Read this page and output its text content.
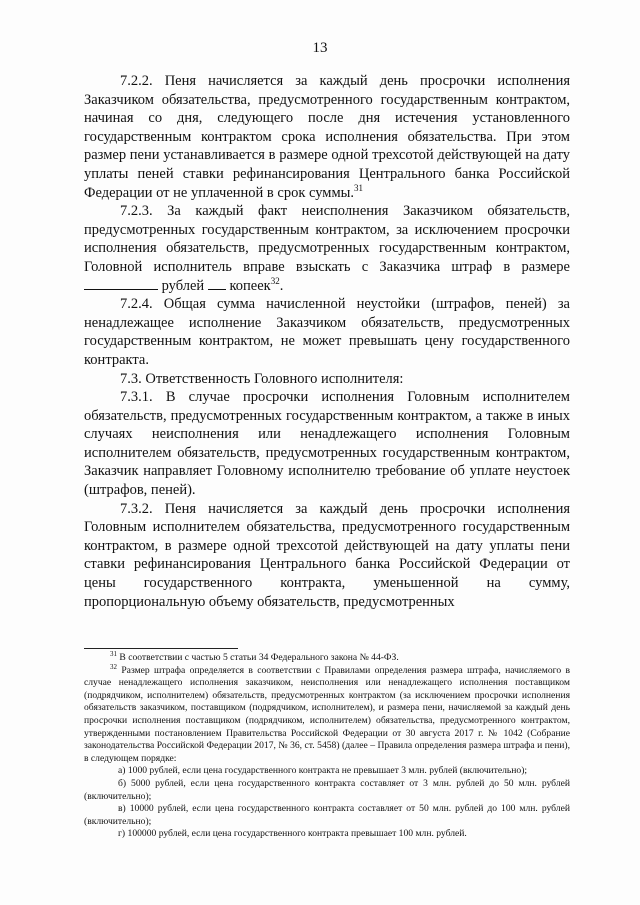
13

7.2.2. Пеня начисляется за каждый день просрочки исполнения Заказчиком обязательства, предусмотренного государственным контрактом, начиная со дня, следующего после дня истечения установленного государственным контрактом срока исполнения обязательства. При этом размер пени устанавливается в размере одной трехсотой действующей на дату уплаты пеней ставки рефинансирования Центрального банка Российской Федерации от не уплаченной в срок суммы.$^{31}$

7.2.3. За каждый факт неисполнения Заказчиком обязательств, предусмотренных государственным контрактом, за исключением просрочки исполнения обязательств, предусмотренных государственным контрактом, Головной исполнитель вправе взыскать с Заказчика штраф в размере  рублей копеек$^{32}$.

7.2.4. Общая сумма начисленной неустойки (штрафов, пеней) за ненадлежащее исполнение Заказчиком обязательств, предусмотренных государственным контрактом, не может превышать цену государственного контракта.

7.3. Ответственность Головного исполнителя:

7.3.1. В случае просрочки исполнения Головным исполнителем обязательств, предусмотренных государственным контрактом, а также в иных случаях неисполнения или ненадлежащего исполнения Головным исполнителем обязательств, предусмотренных государственным контрактом, Заказчик направляет Головному исполнителю требование об уплате неустоек (штрафов, пеней).

7.3.2. Пеня начисляется за каждый день просрочки исполнения Головным исполнителем обязательства, предусмотренного государственным контрактом, в размере одной трехсотой действующей на дату уплаты пени ставки рефинансирования Центрального банка Российской Федерации от цены государственного контракта, уменьшенной на сумму, пропорциональную объему обязательств, предусмотренных

$^{31}$ В соответствии с частью 5 статьи 34 Федерального закона № 44-ФЗ.

$^{32}$ Размер штрафа определяется в соответствии с Правилами определения размера штрафа, начисляемого в случае ненадлежащего исполнения заказчиком, неисполнения или ненадлежащего исполнения поставщиком (подрядчиком, исполнителем) обязательств, предусмотренных контрактом (за исключением просрочки исполнения обязательств заказчиком, поставщиком (подрядчиком, исполнителем), и размера пени, начисляемой за каждый день просрочки исполнения поставщиком (подрядчиком, исполнителем) обязательства, предусмотренного контрактом, утвержденными постановлением Правительства Российской Федерации от 30 августа 2017 г. № 1042 (Собрание законодательства Российской Федерации 2017, № 36, ст. 5458) (далее – Правила определения размера штрафа и пени), в следующем порядке:

а) 1000 рублей, если цена государственного контракта не превышает 3 млн. рублей (включительно);

б) 5000 рублей, если цена государственного контракта составляет от 3 млн. рублей до 50 млн. рублей (включительно);

в) 10000 рублей, если цена государственного контракта составляет от 50 млн. рублей до 100 млн. рублей (включительно);

г) 100000 рублей, если цена государственного контракта превышает 100 млн. рублей.
